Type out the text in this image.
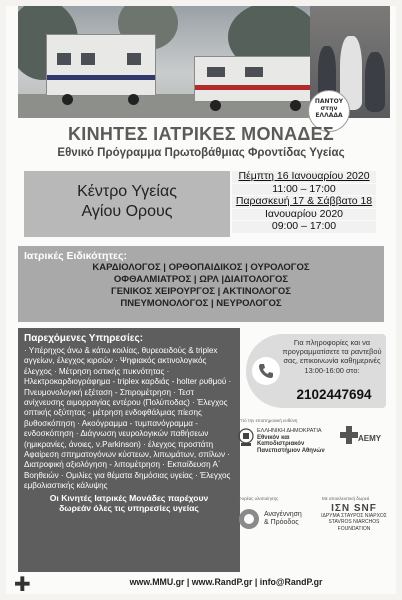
ΠΑΝΤΟΥ
στην
ΕΛΛΑΔΑ
ΚΙΝΗΤΕΣ ΙΑΤΡΙΚΕΣ ΜΟΝΑΔΕΣ
Εθνικό Πρόγραμμα Πρωτοβάθμιας Φροντίδας Υγείας
Κέντρο Υγείας
Αγίου Ορους
Πέμπτη 16 Ιανουαρίου 2020
11:00 – 17:00
Παρασκευή 17 & Σάββατο 18
Ιανουαρίου 2020
09:00 – 17:00
Ιατρικές Ειδικότητες:
ΚΑΡΔΙΟΛΟΓΟΣ | ΟΡΘΟΠΑΙΔΙΚΟΣ | ΟΥΡΟΛΟΓΟΣ
ΟΦΘΑΛΜΙΑΤΡΟΣ | ΩΡΛ |ΔΙΑΙΤΟΛΟΓΟΣ
ΓΕΝΙΚΟΣ ΧΕΙΡΟΥΡΓΟΣ | ΑΚΤΙΝΟΛΟΓΟΣ
ΠΝΕΥΜΟΝΟΛΟΓΟΣ | ΝΕΥΡΟΛΟΓΟΣ
Παρεχόμενες Υπηρεσίες:
· Υπέρηχος άνω & κάτω κοιλίας, θυρεοειδούς & triplex αγγείων, έλεγχος κιρσών · Ψηφιακός ακτινολογικός έλεγχος · Μέτρηση οστικής πυκνότητας · Ηλεκτροκαρδιογράφημα - triplex καρδιάς - holter ρυθμού · Πνευμονολογική εξέταση - Σπιρομέτρηση · Τεστ ανίχνευσης αιμορραγίας εντέρου (Πολύποδας) · Έλεγχος οπτικής οξύτητας - μέτρηση ενδοφθάλμιας πίεσης βυθοσκόπηση · Ακοόγραμμα - τυμπανόγραμμα - ενδοσκόπηση · Διάγνωση νευρολογικών παθήσεων (ημικρανίες, άνοιες, ν.Parkinson) · έλεγχος προστάτη Αφαίρεση σπηματογόνων κύστεων, λιπωμάτων, σπίλων · Διατροφική αξιολόγηση - λιπομέτρηση · Εκπαίδευση Α΄ Βοηθειών · Ομιλίες για θέματα δημόσιας υγείας · Έλεγχος εμβολιαστικής κάλυψης
Οι Κινητές Ιατρικές Μονάδες παρέχουν
δωρεάν όλες τις υπηρεσίες υγείας
Για πληροφορίες και να προγραμματίσετε τα ραντεβού σας, επικοινωνία καθημερινές 13:00-16:00 στο:
2102447694
Υπό την επιστημονική ευθύνη
ΕΛΛΗΝΙΚΗ ΔΗΜΟΚΡΑΤΙΑ
Εθνικόν και Καποδιστριακόν
Πανεπιστήμιον Αθηνών
ΑΕΜΥ
Φορέας υλοποίησης
Αναγέννηση
& Πρόοδος
Με αποκλειστική δωρεά
ΙΣΝ SNF
ΙΔΡΥΜΑ ΣΤΑΥΡΟΣ ΝΙΑΡΧΟΣ
STAVROS NIARCHOS
FOUNDATION
✚	www.MMU.gr | www.RandP.gr | info@RandP.gr
